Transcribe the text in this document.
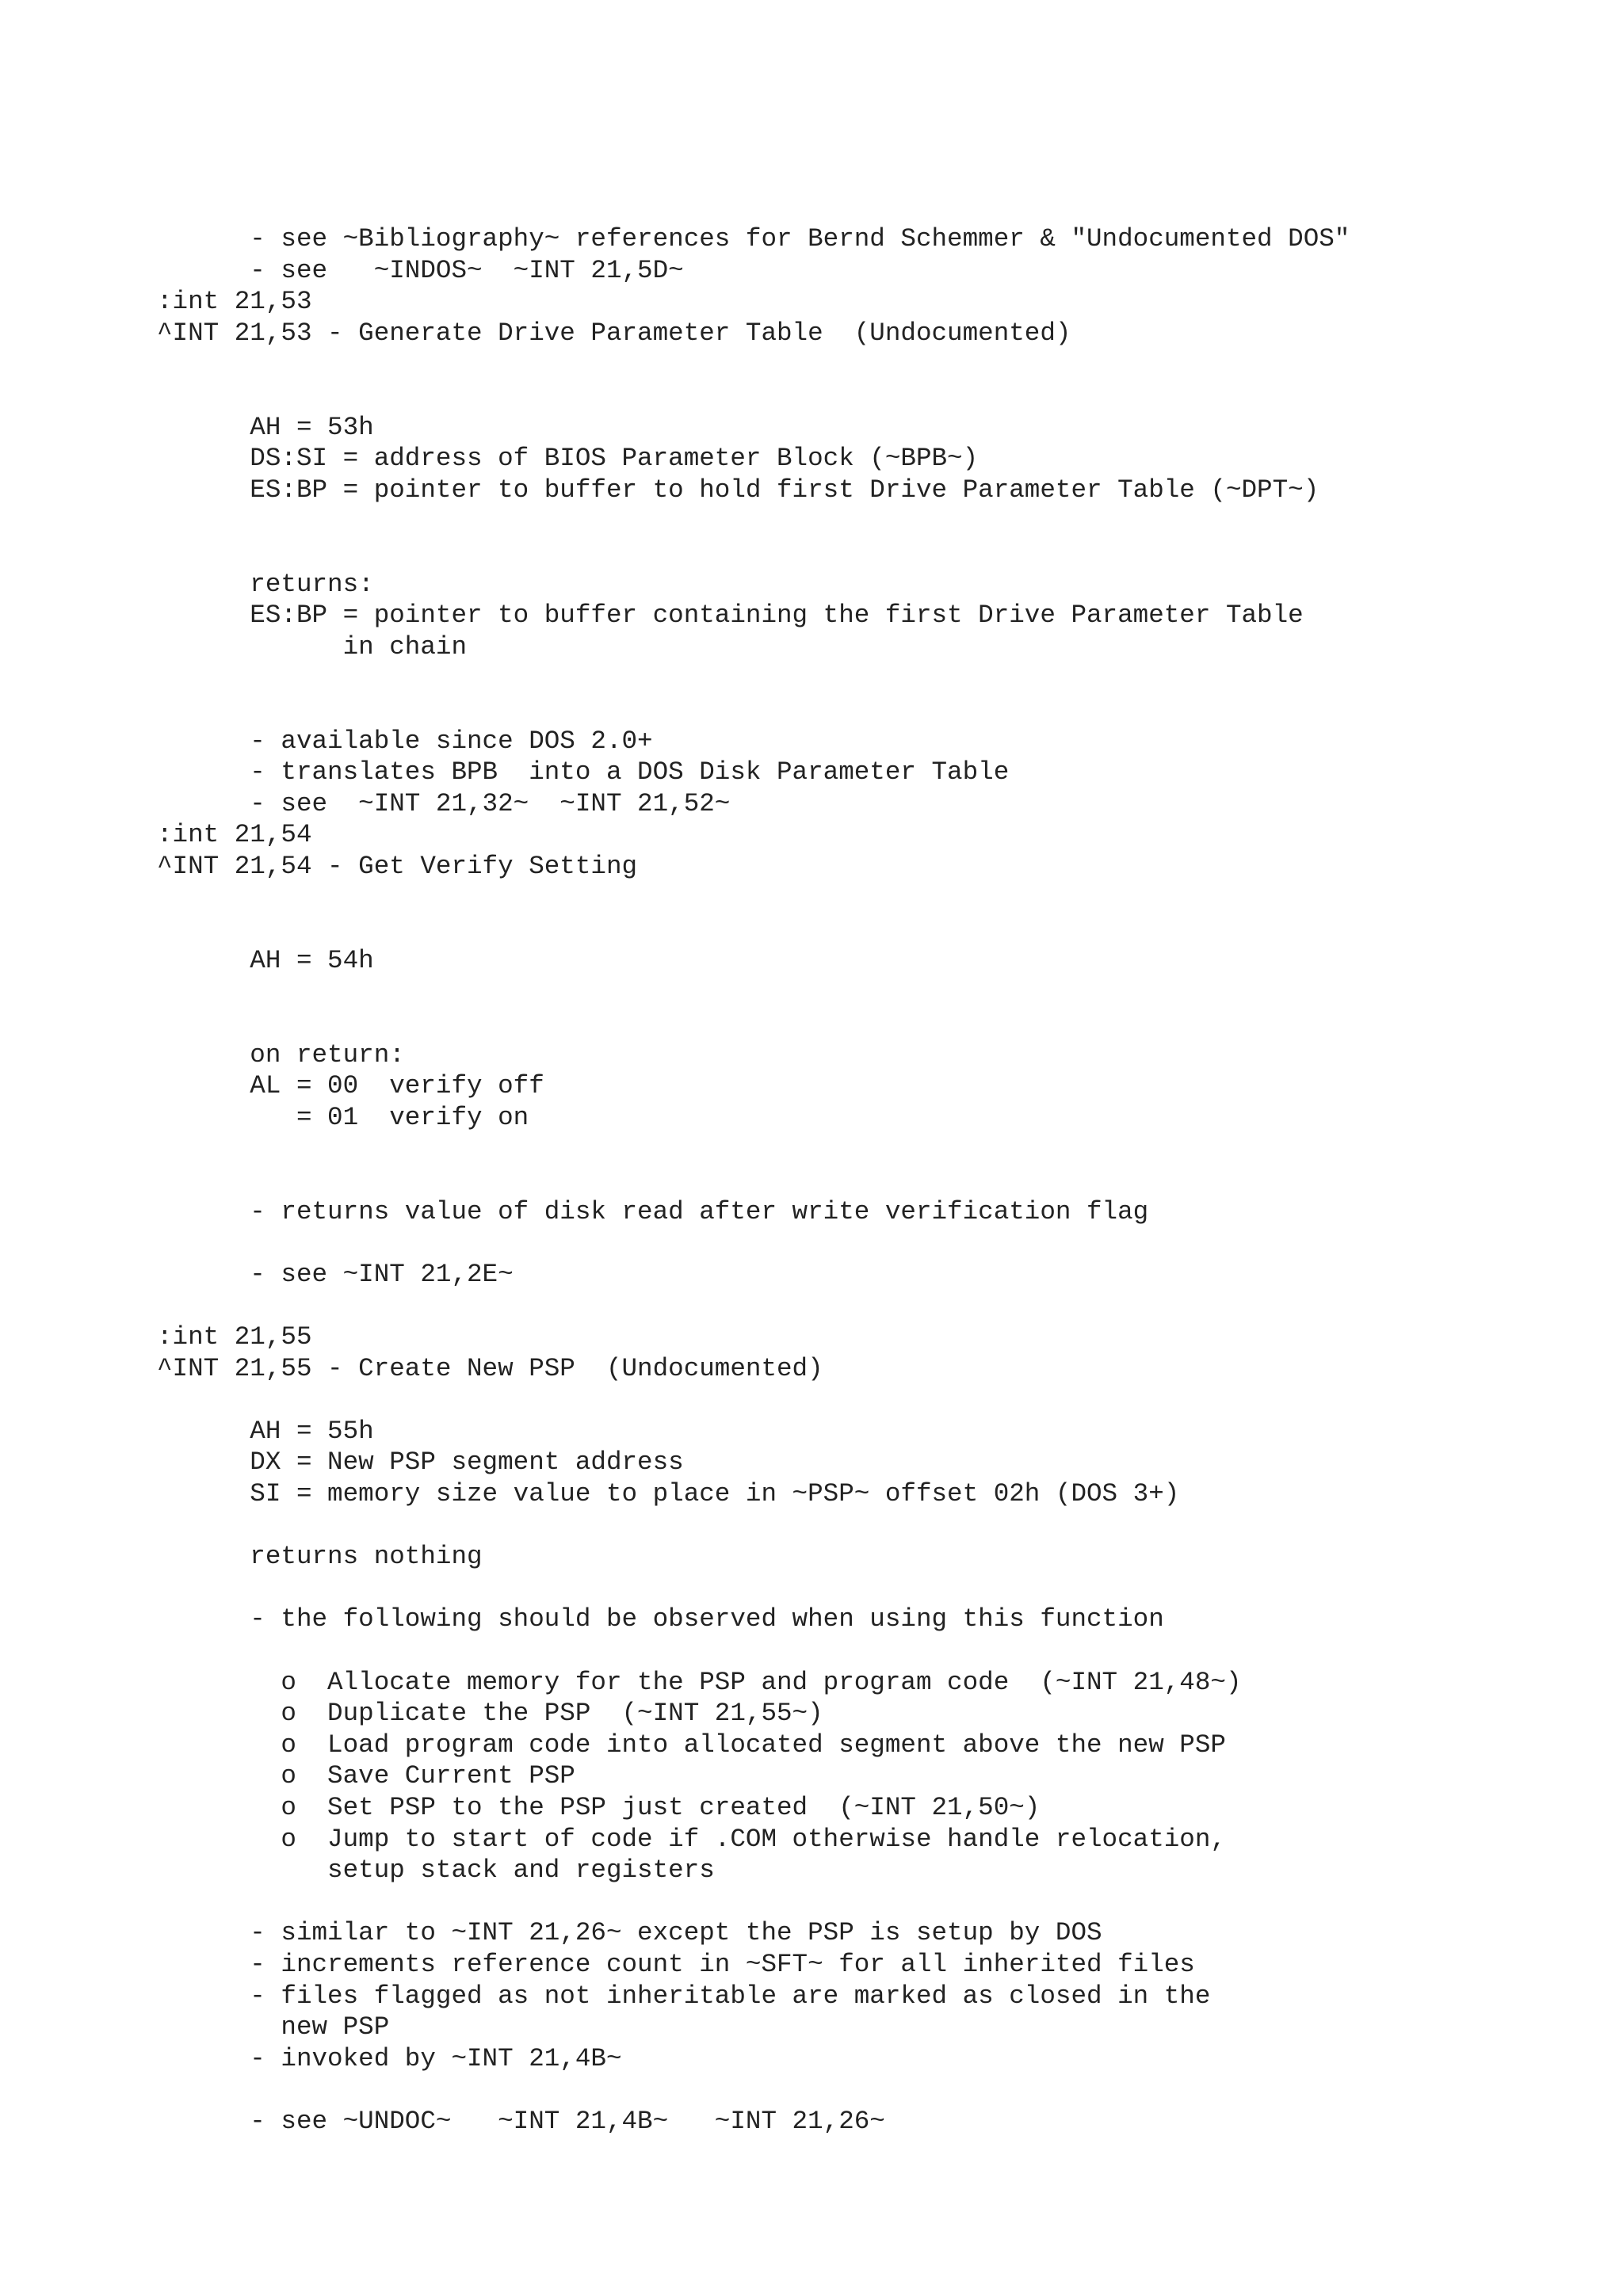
- see ~Bibliography~ references for Bernd Schemmer & "Undocumented DOS"
- see   ~INDOS~  ~INT 21,5D~
:int 21,53
^INT 21,53 - Generate Drive Parameter Table  (Undocumented)
AH = 53h
DS:SI = address of BIOS Parameter Block (~BPB~)
ES:BP = pointer to buffer to hold first Drive Parameter Table (~DPT~)
returns:
ES:BP = pointer to buffer containing the first Drive Parameter Table
in chain
- available since DOS 2.0+
- translates BPB  into a DOS Disk Parameter Table
- see  ~INT 21,32~  ~INT 21,52~
:int 21,54
^INT 21,54 - Get Verify Setting
AH = 54h
on return:
AL = 00  verify off
= 01  verify on
- returns value of disk read after write verification flag
- see ~INT 21,2E~
:int 21,55
^INT 21,55 - Create New PSP  (Undocumented)
AH = 55h
DX = New PSP segment address
SI = memory size value to place in ~PSP~ offset 02h (DOS 3+)
returns nothing
- the following should be observed when using this function
o  Allocate memory for the PSP and program code  (~INT 21,48~)
o  Duplicate the PSP  (~INT 21,55~)
o  Load program code into allocated segment above the new PSP
o  Save Current PSP
o  Set PSP to the PSP just created  (~INT 21,50~)
o  Jump to start of code if .COM otherwise handle relocation,
setup stack and registers
- similar to ~INT 21,26~ except the PSP is setup by DOS
- increments reference count in ~SFT~ for all inherited files
- files flagged as not inheritable are marked as closed in the
new PSP
- invoked by ~INT 21,4B~
- see ~UNDOC~   ~INT 21,4B~   ~INT 21,26~
